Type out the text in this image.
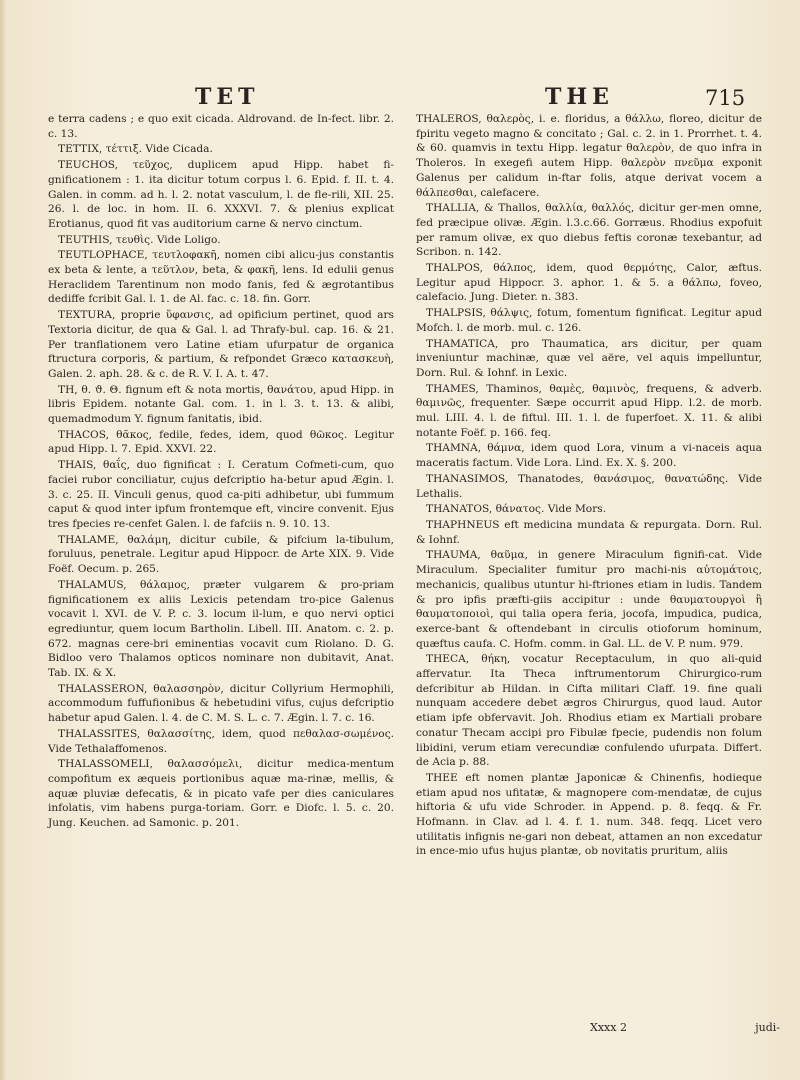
TET	THE	715

e terra cadens ; e quo exit cicada. Aldrovand. de In-fect. libr. 2. c. 13.

TETTIX, τέττιξ. Vide Cicada.

TEUCHOS, τεῦχος, duplicem apud Hipp. habet fi-gnificationem : 1. ita dicitur totum corpus l. 6. Epid. f. II. t. 4. Galen. in comm. ad h. l. 2. notat vasculum, l. de fle-rili, XII. 25. 26. l. de loc. in hom. II. 6. XXXVI. 7. & plenius explicat Erotianus, quod fit vas auditorium carne & nervo cinctum.

TEUTHIS, τευθὶς. Vide Loligo.

TEUTLOPHACE, τευτλοφακῆ, nomen cibi alicu-jus constantis ex beta & lente, a τεῦτλον, beta, & φακῆ, lens. Id edulii genus Heraclidem Tarentinum non modo fanis, fed & ægrotantibus dediffe fcribit Gal. l. 1. de Al. fac. c. 18. fin. Gorr.

TEXTURA, proprie ὕφανσις, ad opificium pertinet, quod ars Textoria dicitur, de qua & Gal. l. ad Thrafy-bul. cap. 16. & 21. Per tranflationem vero Latine etiam ufurpatur de organica ftructura corporis, & partium, & refpondet Græco κατασκευὴ, Galen. 2. aph. 28. & c. de R. V. I. A. t. 47.

TH, θ. ϑ. Θ. fignum eft & nota mortis, θανάτου, apud Hipp. in libris Epidem. notante Gal. com. 1. in l. 3. t. 13. & alibi, quemadmodum Y. fignum fanitatis, ibid.

THACOS, θᾶκος, fedile, fedes, idem, quod θῶκος. Legitur apud Hipp. l. 7. Epid. XXVI. 22.

THAIS, θαΐς, duo fignificat : I. Ceratum Cofmeti-cum, quo faciei rubor conciliatur, cujus defcriptio ha-betur apud Ægin. l. 3. c. 25. II. Vinculi genus, quod ca-piti adhibetur, ubi fummum caput & quod inter ipfum frontemque eft, vincire convenit. Ejus tres fpecies re-cenfet Galen. l. de fafciis n. 9. 10. 13.

THALAME, θαλάμη, dicitur cubile, & pifcium la-tibulum, foruluus, penetrale. Legitur apud Hippocr. de Arte XIX. 9. Vide Foëf. Oecum. p. 265.

THALAMUS, θάλαμος, præter vulgarem & pro-priam fignificationem ex aliis Lexicis petendam tro-pice Galenus vocavit l. XVI. de V. P. c. 3. locum il-lum, e quo nervi optici egrediuntur, quem locum Bartholin. Libell. III. Anatom. c. 2. p. 672. magnas cere-bri eminentias vocavit cum Riolano. D. G. Bidloo vero Thalamos opticos nominare non dubitavit, Anat. Tab. IX. & X.

THALASSERON, θαλασσηρὸν, dicitur Collyrium Hermophili, accommodum fuffufionibus & hebetudini vifus, cujus defcriptio habetur apud Galen. l. 4. de C. M. S. L. c. 7. Ægin. l. 7. c. 16.

THALASSITES, θαλασσίτης, idem, quod πεθαλασ-σωμένος. Vide Tethalaffomenos.

THALASSOMELI, θαλασσόμελι, dicitur medica-mentum compofitum ex æqueis portionibus aquæ ma-rinæ, mellis, & aquæ pluviæ defecatis, & in picato vafe per dies caniculares infolatis, vim habens purga-toriam. Gorr. e Diofc. l. 5. c. 20. Jung. Keuchen. ad Samonic. p. 201.

THALEROS, θαλερὸς, i. e. floridus, a θάλλω, floreo, dicitur de fpiritu vegeto magno & concitato ; Gal. c. 2. in 1. Prorrhet. t. 4. & 60. quamvis in textu Hipp. legatur θαλερὸν, de quo infra in Tholeros. In exegefi autem Hipp. θαλερὸν πνεῦμα exponit Galenus per calidum in-ftar folis, atque derivat vocem a θάλπεσθαι, calefacere.

THALLIA, & Thallos, θαλλία, θαλλός, dicitur ger-men omne, fed præcipue olivæ. Ægin. l.3.c.66. Gorræus. Rhodius expofuit per ramum olivæ, ex quo diebus feftis coronæ texebantur, ad Scribon. n. 142.

THALPOS, θάλπος, idem, quod θερμότης, Calor, æftus. Legitur apud Hippocr. 3. aphor. 1. & 5. a θάλπω, foveo, calefacio. Jung. Dieter. n. 383.

THALPSIS, θάλψις, fotum, fomentum fignificat. Legitur apud Mofch. l. de morb. mul. c. 126.

THAMATICA, pro Thaumatica, ars dicitur, per quam inveniuntur machinæ, quæ vel aëre, vel aquis impelluntur, Dorn. Rul. & Iohnf. in Lexic.

THAMES, Thaminos, θαμὲς, θαμινὸς, frequens, & adverb. θαμινῶς, frequenter. Sæpe occurrit apud Hipp. l.2. de morb. mul. LIII. 4. l. de fiftul. III. 1. l. de fuperfoet. X. 11. & alibi notante Foëf. p. 166. feq.

THAMNA, θάμνα, idem quod Lora, vinum a vi-naceis aqua maceratis factum. Vide Lora. Lind. Ex. X. §. 200.

THANASIMOS, Thanatodes, θανάσιμος, θανατώδης. Vide Lethalis.

THANATOS, θάνατος. Vide Mors.

THAPHNEUS eft medicina mundata & repurgata. Dorn. Rul. & Iohnf.

THAUMA, θαῦμα, in genere Miraculum fignifi-cat. Vide Miraculum. Specialiter fumitur pro machi-nis αὐτομάτοις, mechanicis, qualibus utuntur hi-ftriones etiam in ludis. Tandem & pro ipfis præfti-giis accipitur : unde θαυματουργοὶ ἢ θαυματοποιοὶ, qui talia opera feria, jocofa, impudica, pudica, exerce-bant & oftendebant in circulis otioforum hominum, quæftus caufa. C. Hofm. comm. in Gal. LL. de V. P. num. 979.

THECA, θήκη, vocatur Receptaculum, in quo ali-quid affervatur. Ita Theca inftrumentorum Chirurgico-rum defcribitur ab Hildan. in Cifta militari Claff. 19. fine quali nunquam accedere debet ægros Chirurgus, quod laud. Autor etiam ipfe obfervavit. Joh. Rhodius etiam ex Martiali probare conatur Thecam accipi pro Fibulæ fpecie, pudendis non folum libidini, verum etiam verecundiæ confulendo ufurpata. Differt. de Acia p. 88.

THEE eft nomen plantæ Japonicæ & Chinenfis, hodieque etiam apud nos ufitatæ, & magnopere com-mendatæ, de cujus hiftoria & ufu vide Schroder. in Append. p. 8. feqq. & Fr. Hofmann. in Clav. ad l. 4. f. 1. num. 348. feqq. Licet vero utilitatis infignis ne-gari non debeat, attamen an non excedatur in ence-mio ufus hujus plantæ, ob novitatis pruritum, aliis

Xxxx 2	judi-
